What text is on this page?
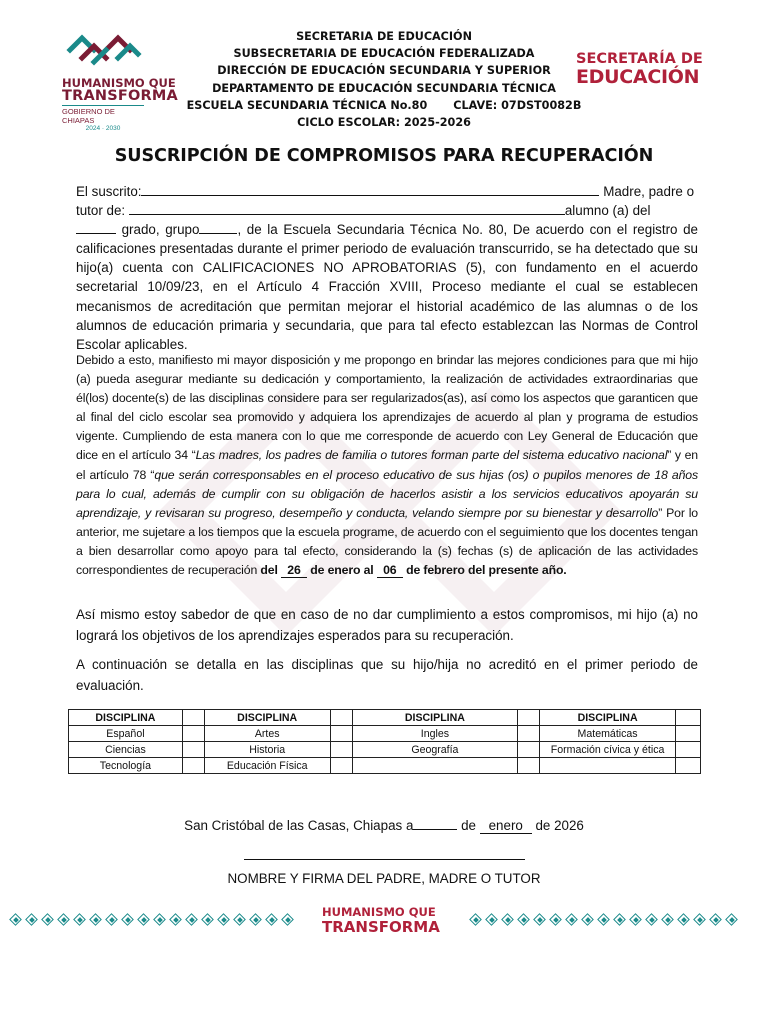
HUMANISMO QUE
TRANSFORMA
GOBIERNO DE CHIAPAS
2024 · 2030
SECRETARIA DE EDUCACIÓN
SUBSECRETARIA DE EDUCACIÓN FEDERALIZADA
DIRECCIÓN DE EDUCACIÓN SECUNDARIA Y SUPERIOR
DEPARTAMENTO DE EDUCACIÓN SECUNDARIA TÉCNICA
ESCUELA SECUNDARIA TÉCNICA No.80 CLAVE: 07DST0082B
CICLO ESCOLAR: 2025-2026
SECRETARÍA DE
EDUCACIÓN
SUSCRIPCIÓN DE COMPROMISOS PARA RECUPERACIÓN
El suscrito:	Madre, padre o
tutor de:	alumno (a) del
grado, grupo	, de la Escuela Secundaria Técnica No. 80, De acuerdo con el registro de calificaciones presentadas durante el primer periodo de evaluación transcurrido, se ha detectado que su hijo(a) cuenta con CALIFICACIONES NO APROBATORIAS (5), con fundamento en el acuerdo secretarial 10/09/23, en el Artículo 4 Fracción XVIII, Proceso mediante el cual se establecen mecanismos de acreditación que permitan mejorar el historial académico de las alumnas o de los alumnos de educación primaria y secundaria, que para tal efecto establezcan las Normas de Control Escolar aplicables.
Debido a esto, manifiesto mi mayor disposición y me propongo en brindar las mejores condiciones para que mi hijo (a) pueda asegurar mediante su dedicación y comportamiento, la realización de actividades extraordinarias que él(los) docente(s) de las disciplinas considere para ser regularizados(as), así como los aspectos que garanticen que al final del ciclo escolar sea promovido y adquiera los aprendizajes de acuerdo al plan y programa de estudios vigente. Cumpliendo de esta manera con lo que me corresponde de acuerdo con Ley General de Educación que dice en el artículo 34 “Las madres, los padres de familia o tutores forman parte del sistema educativo nacional” y en el artículo 78 “que serán corresponsables en el proceso educativo de sus hijas (os) o pupilos menores de 18 años para lo cual, además de cumplir con su obligación de hacerlos asistir a los servicios educativos apoyarán su aprendizaje, y revisaran su progreso, desempeño y conducta, velando siempre por su bienestar y desarrollo” Por lo anterior, me sujetare a los tiempos que la escuela programe, de acuerdo con el seguimiento que los docentes tengan a bien desarrollar como apoyo para tal efecto, considerando la (s) fechas (s) de aplicación de las actividades correspondientes de recuperación del 26 de enero al 06 de febrero del presente año.
Así mismo estoy sabedor de que en caso de no dar cumplimiento a estos compromisos, mi hijo (a) no logrará los objetivos de los aprendizajes esperados para su recuperación.
A continuación se detalla en las disciplinas que su hijo/hija no acreditó en el primer periodo de evaluación.
DISCIPLINA		DISCIPLINA		DISCIPLINA		DISCIPLINA	
Español		Artes		Ingles		Matemáticas	
Ciencias		Historia		Geografía		Formación cívica y ética	
Tecnología		Educación Física					
San Cristóbal de las Casas, Chiapas a	de enero de 2026
NOMBRE Y FIRMA DEL PADRE, MADRE O TUTOR
HUMANISMO QUE
TRANSFORMA
